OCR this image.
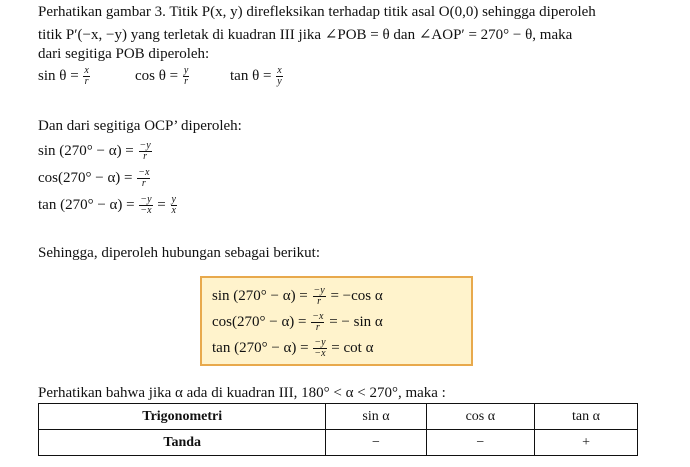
Perhatikan gambar 3. Titik P(x, y) direfleksikan terhadap titik asal O(0,0) sehingga diperoleh
titik P′(−x, −y) yang terletak di kuadran III jika ∠POB = θ dan ∠AOP′ = 270° − θ, maka
dari segitiga POB diperoleh:
$\sin \theta = \frac{x}{r}$	$\cos \theta = \frac{y}{r}$	$\tan \theta = \frac{x}{y}$
Dan dari segitiga OCP’ diperoleh:
$\sin (270^\circ - \alpha) = \frac{-y}{r}$
$\cos(270^\circ - \alpha) = \frac{-x}{r}$
$\tan (270^\circ - \alpha) = \frac{-y}{-x} = \frac{y}{x}$
Sehingga, diperoleh hubungan sebagai berikut:
$\sin (270^\circ - \alpha) = \frac{-y}{r} = -\cos$ α
$\cos(270^\circ - \alpha) = \frac{-x}{r}$ = − sin α
$\tan (270^\circ - \alpha) = \frac{-y}{-x} = \cot \alpha$
Perhatikan bahwa jika α ada di kuadran III, 180° < α < 270°, maka :
Trigonometri	sin α	cos α	tan α
Tanda	−	−	+
